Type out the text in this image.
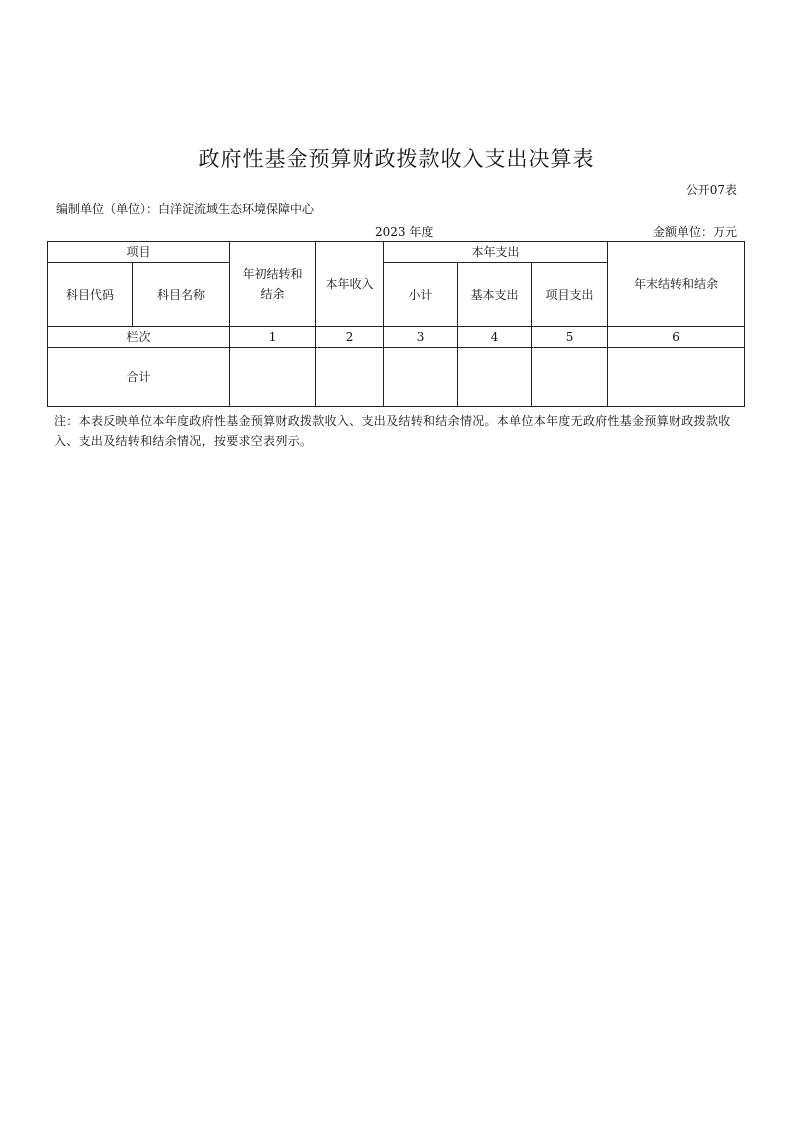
政府性基金预算财政拨款收入支出决算表
公开07表
编制单位（单位）：白洋淀流域生态环境保障中心
2023 年度	金额单位：万元
项目		年初结转和结余	本年收入	本年支出			年末结转和结余
科目代码	科目名称			小计	基本支出	项目支出	

栏次		1	2	3	4	5	6
合计							
注：本表反映单位本年度政府性基金预算财政拨款收入、支出及结转和结余情况。本单位本年度无政府性基金预算财政拨款收入、支出及结转和结余情况，按要求空表列示。
